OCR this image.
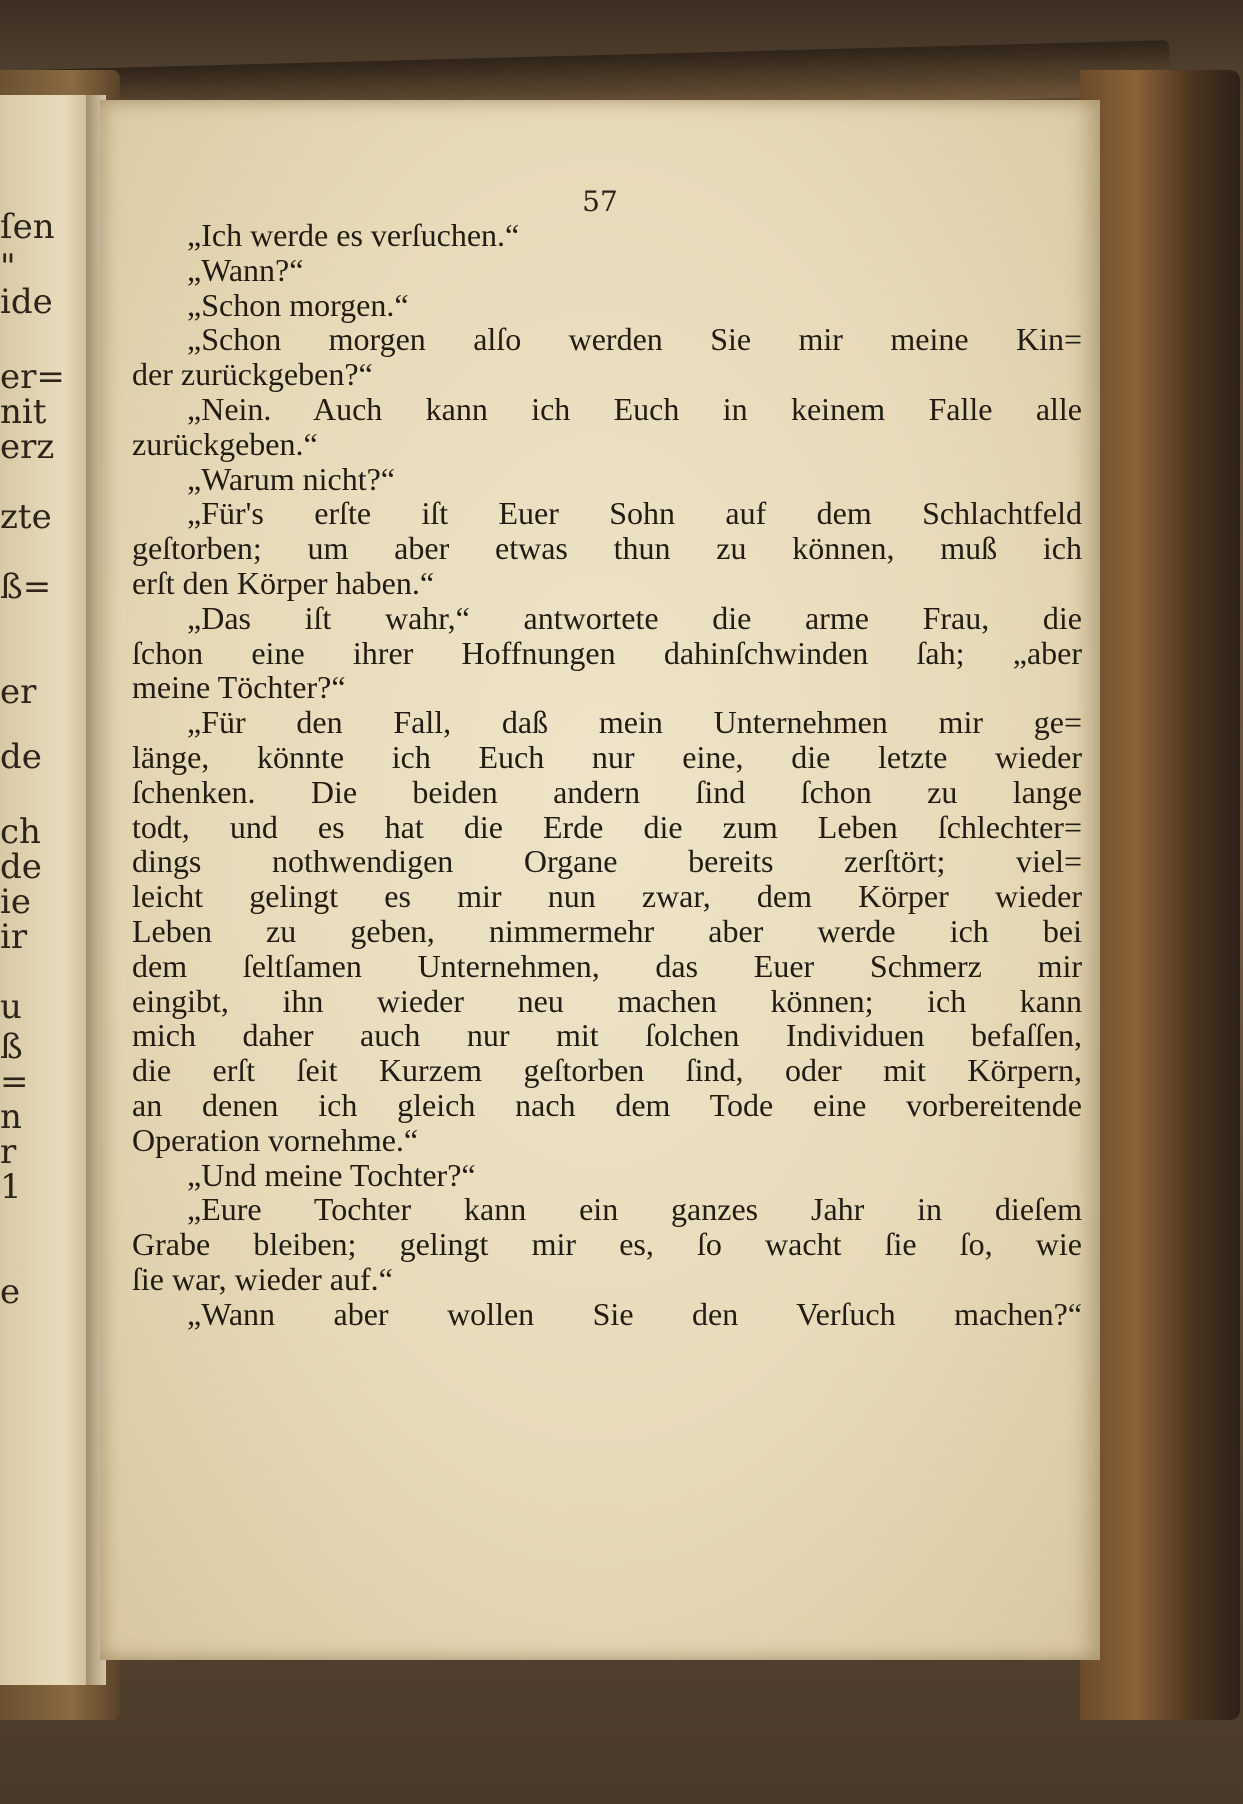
ſen
"
ide
er=
nit
erz
zte
ß=
er
de
ch
de
ie
ir
u
ß
=
n
r
1
e
57
„Ich werde es verſuchen.“
„Wann?“
„Schon morgen.“
„Schon morgen alſo werden Sie mir meine Kin=
der zurückgeben?“
„Nein. Auch kann ich Euch in keinem Falle alle
zurückgeben.“
„Warum nicht?“
„Für's erſte iſt Euer Sohn auf dem Schlachtfeld
geſtorben; um aber etwas thun zu können, muß ich
erſt den Körper haben.“
„Das iſt wahr,“ antwortete die arme Frau, die
ſchon eine ihrer Hoffnungen dahinſchwinden ſah; „aber
meine Töchter?“
„Für den Fall, daß mein Unternehmen mir ge=
länge, könnte ich Euch nur eine, die letzte wieder
ſchenken. Die beiden andern ſind ſchon zu lange
todt, und es hat die Erde die zum Leben ſchlechter=
dings nothwendigen Organe bereits zerſtört; viel=
leicht gelingt es mir nun zwar, dem Körper wieder
Leben zu geben, nimmermehr aber werde ich bei
dem ſeltſamen Unternehmen, das Euer Schmerz mir
eingibt, ihn wieder neu machen können; ich kann
mich daher auch nur mit ſolchen Individuen befaſſen,
die erſt ſeit Kurzem geſtorben ſind, oder mit Körpern,
an denen ich gleich nach dem Tode eine vorbereitende
Operation vornehme.“
„Und meine Tochter?“
„Eure Tochter kann ein ganzes Jahr in dieſem
Grabe bleiben; gelingt mir es, ſo wacht ſie ſo, wie
ſie war, wieder auf.“
„Wann aber wollen Sie den Verſuch machen?“
